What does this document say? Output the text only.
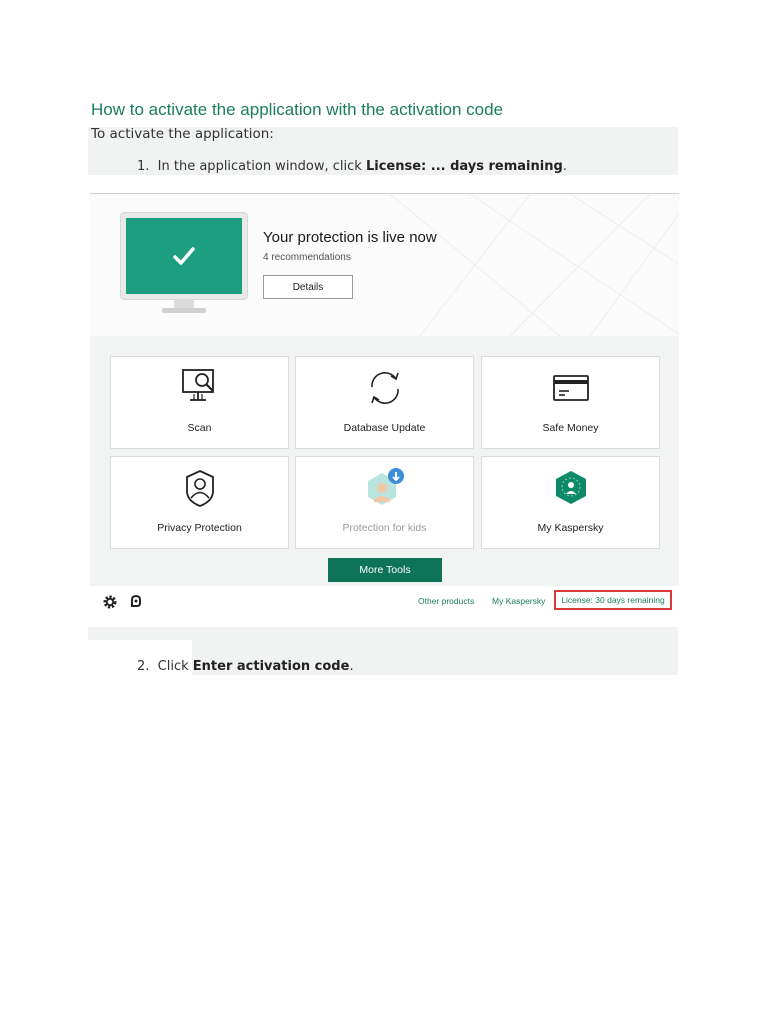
How to activate the application with the activation code
To activate the application:
1. In the application window, click License: ... days remaining.
Your protection is live now
4 recommendations
Details
Scan	Database Update	Safe Money
Privacy Protection	Protection for kids	My Kaspersky
More Tools
Other products My Kaspersky	License: 30 days remaining
2. Click Enter activation code.
